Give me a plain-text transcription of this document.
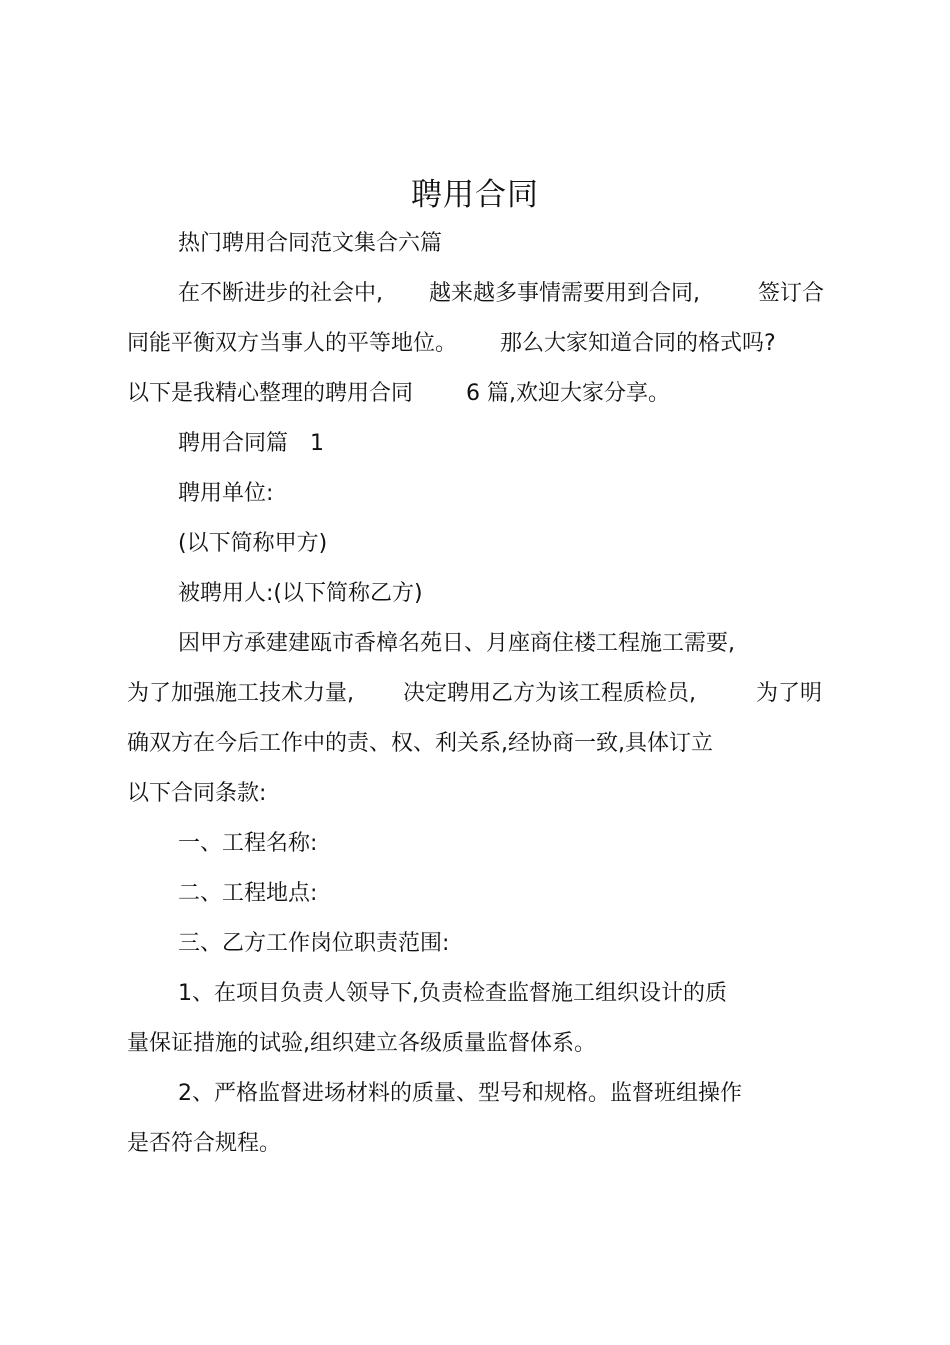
聘用合同
热门聘用合同范文集合六篇
在不断进步的社会中, 越来越多事情需要用到合同,	签订合
同能平衡双方当事人的平等地位。 那么大家知道合同的格式吗?
以下是我精心整理的聘用合同 6 篇,欢迎大家分享。
聘用合同篇　1
聘用单位:
(以下简称甲方)
被聘用人:(以下简称乙方)
因甲方承建建瓯市香樟名苑日、月座商住楼工程施工需要,
为了加强施工技术力量, 决定聘用乙方为该工程质检员,	为了明
确双方在今后工作中的责、权、利关系,经协商一致,具体订立
以下合同条款:
一、工程名称:
二、工程地点:
三、乙方工作岗位职责范围:
1、在项目负责人领导下,负责检查监督施工组织设计的质
量保证措施的试验,组织建立各级质量监督体系。
2、严格监督进场材料的质量、型号和规格。监督班组操作
是否符合规程。
